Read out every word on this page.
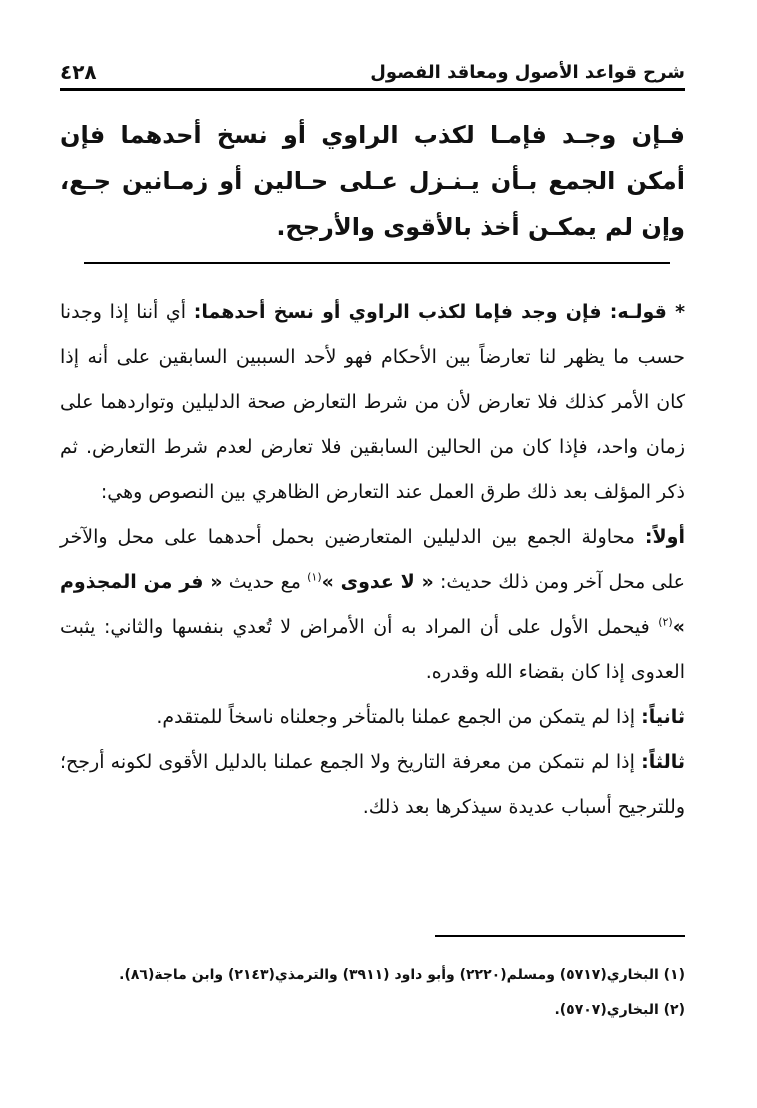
شرح قواعد الأصول ومعاقد الفصول
٤٢٨
فـإن وجـد فإمـا لكذب الراوي أو نسخ أحدهما فإن أمكن الجمع بـأن يـنـزل عـلى حـالين أو زمـانين جـع، وإن لم يمكـن أخذ بالأقوى والأرجح.

* قولـه: فإن وجد فإما لكذب الراوي أو نسخ أحدهما: أي أننا إذا وجدنا حسب ما يظهر لنا تعارضاً بين الأحكام فهو لأحد السببين السابقين على أنه إذا كان الأمر كذلك فلا تعارض لأن من شرط التعارض صحة الدليلين وتواردهما على زمان واحد، فإذا كان من الحالين السابقين فلا تعارض لعدم شرط التعارض. ثم ذكر المؤلف بعد ذلك طرق العمل عند التعارض الظاهري بين النصوص وهي:

أولاً: محاولة الجمع بين الدليلين المتعارضين بحمل أحدهما على محل والآخر على محل آخر ومن ذلك حديث: « لا عدوى »$^{(١)}$ مع حديث « فر من المجذوم »$^{(٢)}$ فيحمل الأول على أن المراد به أن الأمراض لا تُعدي بنفسها والثاني: يثبت العدوى إذا كان بقضاء الله وقدره.

ثانياً: إذا لم يتمكن من الجمع عملنا بالمتأخر وجعلناه ناسخاً للمتقدم.

ثالثاً: إذا لم نتمكن من معرفة التاريخ ولا الجمع عملنا بالدليل الأقوى لكونه أرجح؛ وللترجيح أسباب عديدة سيذكرها بعد ذلك.

(١) البخاري(٥٧١٧) ومسلم(٢٢٢٠) وأبو داود (٣٩١١) والترمذي(٢١٤٣) وابن ماجة(٨٦).

(٢) البخاري(٥٧٠٧).
